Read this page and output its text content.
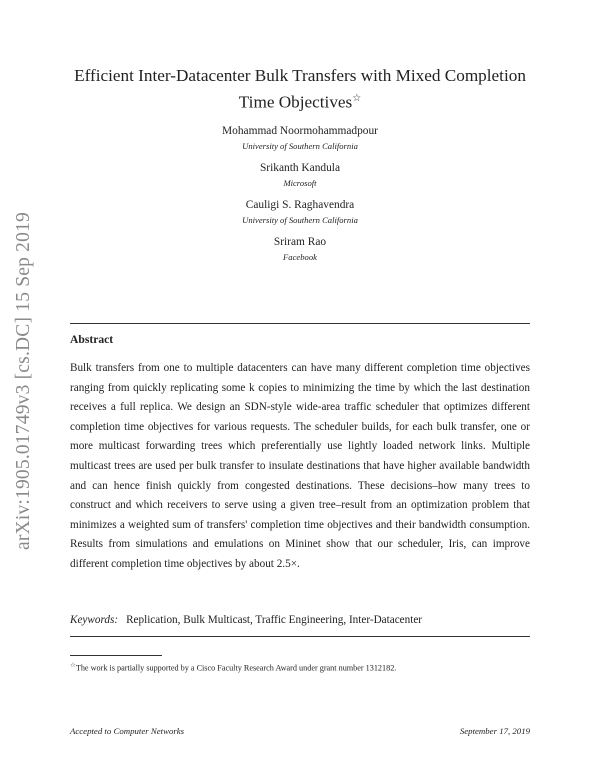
arXiv:1905.01749v3 [cs.DC] 15 Sep 2019
Efficient Inter-Datacenter Bulk Transfers with Mixed Completion
Time Objectives☆

Mohammad Noormohammadpour

University of Southern California

Srikanth Kandula

Microsoft

Cauligi S. Raghavendra

University of Southern California

Sriram Rao

Facebook

Abstract
Bulk transfers from one to multiple datacenters can have many different completion time objectives ranging from quickly replicating some k copies to minimizing the time by which the last destination receives a full replica. We design an SDN-style wide-area traffic scheduler that optimizes different completion time objectives for various requests. The scheduler builds, for each bulk transfer, one or more multicast forwarding trees which preferentially use lightly loaded network links. Multiple multicast trees are used per bulk transfer to insulate destinations that have higher available bandwidth and can hence finish quickly from congested destinations. These decisions–how many trees to construct and which receivers to serve using a given tree–result from an optimization problem that minimizes a weighted sum of transfers' completion time objectives and their bandwidth consumption. Results from simulations and emulations on Mininet show that our scheduler, Iris, can improve different completion time objectives by about 2.5×.
Keywords: Replication, Bulk Multicast, Traffic Engineering, Inter-Datacenter
☆The work is partially supported by a Cisco Faculty Research Award under grant number 1312182.
Accepted to Computer Networks	September 17, 2019
